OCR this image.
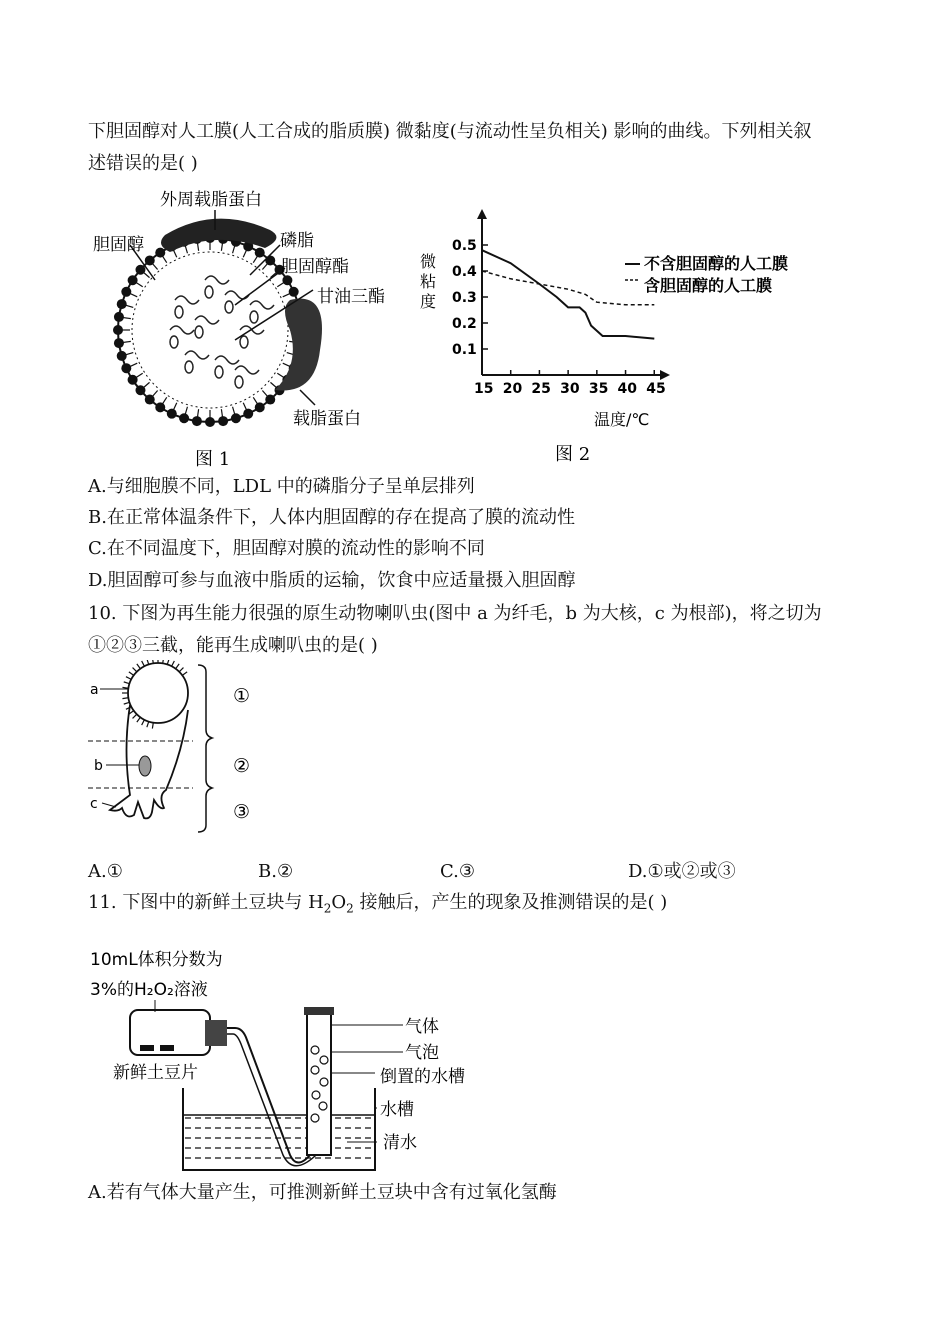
下胆固醇对人工膜(人工合成的脂质膜) 微黏度(与流动性呈负相关) 影响的曲线。下列相关叙
述错误的是( )
外周载脂蛋白
胆固醇	磷脂
胆固醇酯
甘油三酯
载脂蛋白
图 1
0.1
0.2
0.3
0.4
0.5
15 20 25 30 35 40 45
微
粘
度
温度/℃
不含胆固醇的人工膜
含胆固醇的人工膜
图 2
A.与细胞膜不同，LDL 中的磷脂分子呈单层排列
B.在正常体温条件下，人体内胆固醇的存在提高了膜的流动性
C.在不同温度下，胆固醇对膜的流动性的影响不同
D.胆固醇可参与血液中脂质的运输，饮食中应适量摄入胆固醇
10. 下图为再生能力很强的原生动物喇叭虫(图中 a 为纤毛，b 为大核，c 为根部)，将之切为
①②③三截，能再生成喇叭虫的是( )
a
b
c
①
②
③
A.①	B.②	C.③	D.①或②或③
11. 下图中的新鲜土豆块与 $H_2O_2$ 接触后，产生的现象及推测错误的是( )
10mL体积分数为
3%的H₂O₂溶液
新鲜土豆片
气体
气泡
倒置的水槽
水槽
清水
A.若有气体大量产生，可推测新鲜土豆块中含有过氧化氢酶
